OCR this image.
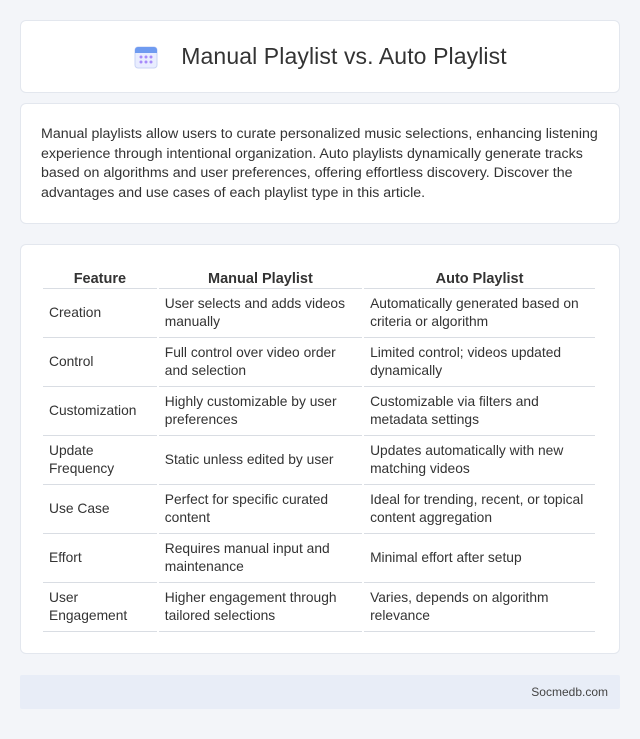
Manual Playlist vs. Auto Playlist

Manual playlists allow users to curate personalized music selections, enhancing listening experience through intentional organization. Auto playlists dynamically generate tracks based on algorithms and user preferences, offering effortless discovery. Discover the advantages and use cases of each playlist type in this article.

Feature	Manual Playlist	Auto Playlist
Creation	User selects and adds videos manually	Automatically generated based on criteria or algorithm
Control	Full control over video order and selection	Limited control; videos updated dynamically
Customization	Highly customizable by user preferences	Customizable via filters and metadata settings
Update Frequency	Static unless edited by user	Updates automatically with new matching videos
Use Case	Perfect for specific curated content	Ideal for trending, recent, or topical content aggregation
Effort	Requires manual input and maintenance	Minimal effort after setup
User Engagement	Higher engagement through tailored selections	Varies, depends on algorithm relevance
Socmedb.com
